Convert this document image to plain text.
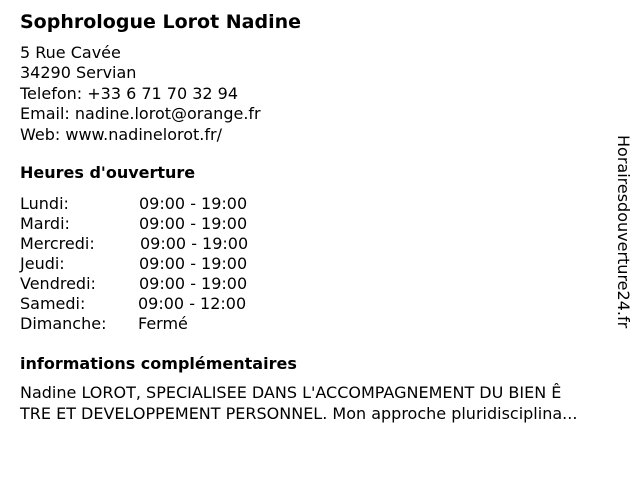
Sophrologue Lorot Nadine
5 Rue Cavée
34290 Servian
Telefon: +33 6 71 70 32 94
Email: nadine.lorot@orange.fr
Web: www.nadinelorot.fr/
Heures d'ouverture
Lundi:	09:00 - 19:00
Mardi:	09:00 - 19:00
Mercredi:	09:00 - 19:00
Jeudi:	09:00 - 19:00
Vendredi:	09:00 - 19:00
Samedi:	09:00 - 12:00
Dimanche: Fermé
informations complémentaires
Nadine LOROT, SPECIALISEE DANS L'ACCOMPAGNEMENT DU BIEN Ê
TRE ET DEVELOPPEMENT PERSONNEL. Mon approche pluridisciplina...
Horairesdouverture24.fr
